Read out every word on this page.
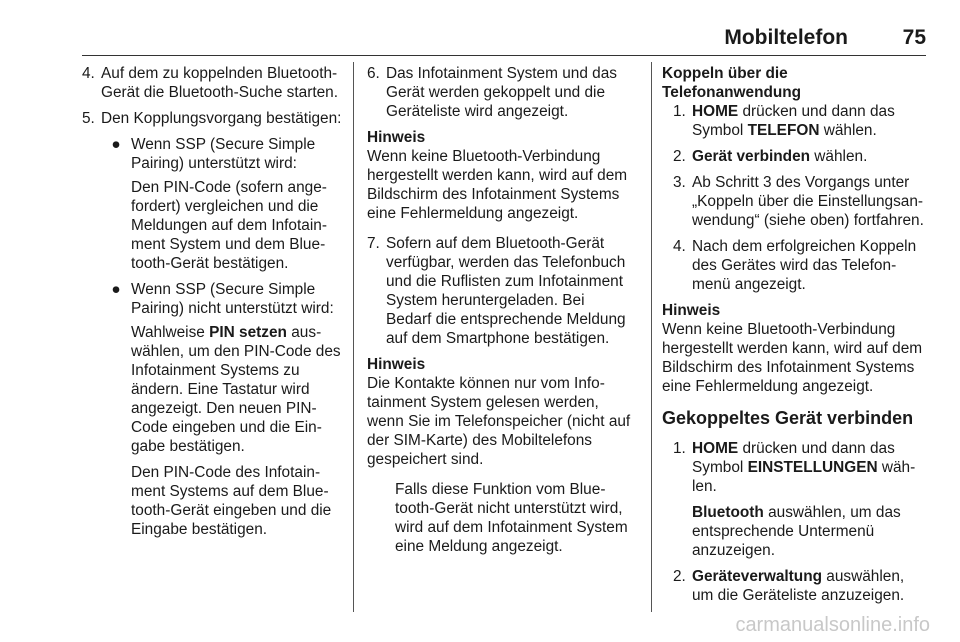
Mobiltelefon	75
4. Auf dem zu koppelnden Bluetooth-Gerät die Bluetooth-Suche starten.
5. Den Kopplungsvorgang bestätigen:

● Wenn SSP (Secure Simple Pairing) unterstützt wird:

Den PIN-Code (sofern angefordert) vergleichen und die Meldungen auf dem Infotainment System und dem Bluetooth-Gerät bestätigen.

● Wenn SSP (Secure Simple Pairing) nicht unterstützt wird:

Wahlweise PIN setzen auswählen, um den PIN-Code des Infotainment Systems zu ändern. Eine Tastatur wird angezeigt. Den neuen PIN-Code eingeben und die Eingabe bestätigen.

Den PIN-Code des Infotainment Systems auf dem Bluetooth-Gerät eingeben und die Eingabe bestätigen.

6. Das Infotainment System und das Gerät werden gekoppelt und die Geräteliste wird angezeigt.

Hinweis

Wenn keine Bluetooth-Verbindung hergestellt werden kann, wird auf dem Bildschirm des Infotainment Systems eine Fehlermeldung angezeigt.

7. Sofern auf dem Bluetooth-Gerät verfügbar, werden das Telefonbuch und die Ruflisten zum Infotainment System heruntergeladen. Bei Bedarf die entsprechende Meldung auf dem Smartphone bestätigen.

Hinweis

Die Kontakte können nur vom Infotainment System gelesen werden, wenn Sie im Telefonspeicher (nicht auf der SIM-Karte) des Mobiltelefons gespeichert sind.

Falls diese Funktion vom Bluetooth-Gerät nicht unterstützt wird, wird auf dem Infotainment System eine Meldung angezeigt.

Koppeln über die Telefonanwendung

1. HOME drücken und dann das Symbol TELEFON wählen.
2. Gerät verbinden wählen.
3. Ab Schritt 3 des Vorgangs unter „Koppeln über die Einstellungsanwendung“ (siehe oben) fortfahren.
4. Nach dem erfolgreichen Koppeln des Gerätes wird das Telefonmenü angezeigt.

Hinweis

Wenn keine Bluetooth-Verbindung hergestellt werden kann, wird auf dem Bildschirm des Infotainment Systems eine Fehlermeldung angezeigt.

Gekoppeltes Gerät verbinden
1. HOME drücken und dann das Symbol EINSTELLUNGEN wählen.

Bluetooth auswählen, um das entsprechende Untermenü anzuzeigen.

2. Geräteverwaltung auswählen, um die Geräteliste anzuzeigen.
carmanualsonline.info
